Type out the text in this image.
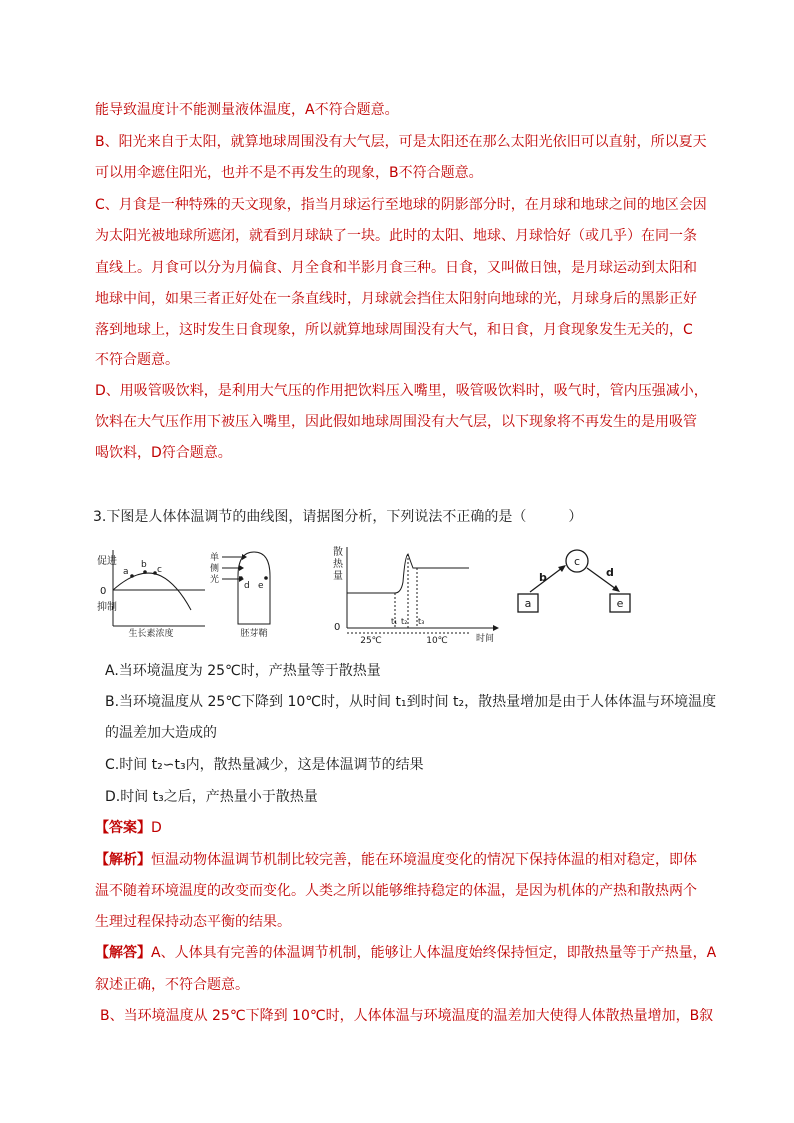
能导致温度计不能测量液体温度，A不符合题意。
B、阳光来自于太阳，就算地球周围没有大气层，可是太阳还在那么太阳光依旧可以直射，所以夏天
可以用伞遮住阳光，也并不是不再发生的现象，B不符合题意。
C、月食是一种特殊的天文现象，指当月球运行至地球的阴影部分时，在月球和地球之间的地区会因
为太阳光被地球所遮闭，就看到月球缺了一块。此时的太阳、地球、月球恰好（或几乎）在同一条
直线上。月食可以分为月偏食、月全食和半影月食三种。日食，又叫做日蚀，是月球运动到太阳和
地球中间，如果三者正好处在一条直线时，月球就会挡住太阳射向地球的光，月球身后的黑影正好
落到地球上，这时发生日食现象，所以就算地球周围没有大气，和日食，月食现象发生无关的，C
不符合题意。
D、用吸管吸饮料，是利用大气压的作用把饮料压入嘴里，吸管吸饮料时，吸气时，管内压强减小，
饮料在大气压作用下被压入嘴里，因此假如地球周围没有大气层，以下现象将不再发生的是用吸管
喝饮料，D符合题意。
3.下图是人体体温调节的曲线图，请据图分析，下列说法不正确的是（　　　）
促进
0
抑制
a
b c
生长素浓度
单
侧
光
d e
胚芽鞘
散
热
量
0
t₁ t₂ t₃
25℃	10℃	时间
a
c
e
b	d
A.当环境温度为 25℃时，产热量等于散热量
B.当环境温度从 25℃下降到 10℃时，从时间 t₁到时间 t₂，散热量增加是由于人体体温与环境温度
的温差加大造成的
C.时间 t₂∽t₃内，散热量减少，这是体温调节的结果
D.时间 t₃之后，产热量小于散热量
【答案】D
【解析】恒温动物体温调节机制比较完善，能在环境温度变化的情况下保持体温的相对稳定，即体
温不随着环境温度的改变而变化。人类之所以能够维持稳定的体温，是因为机体的产热和散热两个
生理过程保持动态平衡的结果。
【解答】A、人体具有完善的体温调节机制，能够让人体温度始终保持恒定，即散热量等于产热量，A
叙述正确，不符合题意。
B、当环境温度从 25℃下降到 10℃时，人体体温与环境温度的温差加大使得人体散热量增加，B叙
